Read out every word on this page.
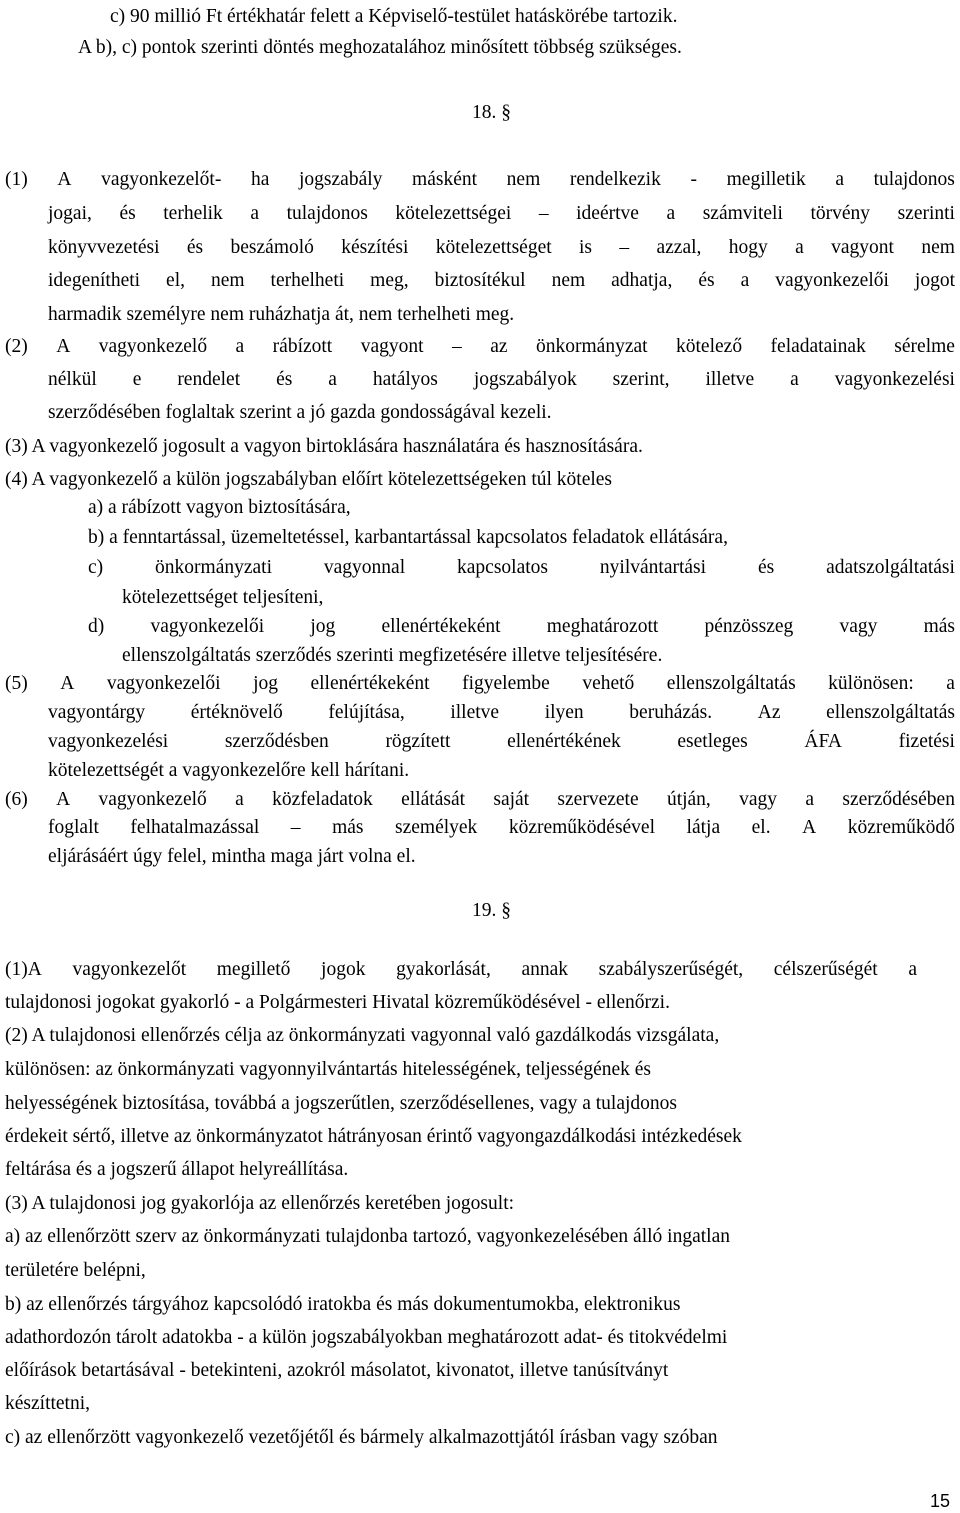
c) 90 millió Ft értékhatár felett a Képviselő-testület hatáskörébe tartozik.
A b), c) pontok szerinti döntés meghozatalához minősített többség szükséges.
18. §
(1) A vagyonkezelőt- ha jogszabály másként nem rendelkezik - megilletik a tulajdonos
jogai, és terhelik a tulajdonos kötelezettségei – ideértve a számviteli törvény szerinti
könyvvezetési és beszámoló készítési kötelezettséget is – azzal, hogy a vagyont nem
idegenítheti el, nem terhelheti meg, biztosítékul nem adhatja, és a vagyonkezelői jogot
harmadik személyre nem ruházhatja át, nem terhelheti meg.
(2) A vagyonkezelő a rábízott vagyont – az önkormányzat kötelező feladatainak sérelme
nélkül e rendelet és a hatályos jogszabályok szerint, illetve a vagyonkezelési
szerződésében foglaltak szerint a jó gazda gondosságával kezeli.
(3) A vagyonkezelő jogosult a vagyon birtoklására használatára és hasznosítására.
(4) A vagyonkezelő a külön jogszabályban előírt kötelezettségeken túl köteles
a) a rábízott vagyon biztosítására,
b) a fenntartással, üzemeltetéssel, karbantartással kapcsolatos feladatok ellátására,
c)	önkormányzati	vagyonnal	kapcsolatos	nyilvántartási	és	adatszolgáltatási
kötelezettséget teljesíteni,
d) vagyonkezelői jog ellenértékeként meghatározott pénzösszeg vagy más
ellenszolgáltatás szerződés szerinti megfizetésére illetve teljesítésére.
(5) A vagyonkezelői jog ellenértékeként figyelembe vehető ellenszolgáltatás különösen: a
vagyontárgy értéknövelő felújítása, illetve ilyen beruházás. Az ellenszolgáltatás
vagyonkezelési	szerződésben	rögzített	ellenértékének	esetleges	ÁFA	fizetési
kötelezettségét a vagyonkezelőre kell hárítani.
(6) A vagyonkezelő a közfeladatok ellátását saját szervezete útján, vagy a szerződésében
foglalt felhatalmazással – más személyek közreműködésével látja el. A közreműködő
eljárásáért úgy felel, mintha maga járt volna el.
19. §
(1)A vagyonkezelőt megillető jogok gyakorlását, annak szabályszerűségét, célszerűségét a
tulajdonosi jogokat gyakorló - a Polgármesteri Hivatal közreműködésével - ellenőrzi.
(2) A tulajdonosi ellenőrzés célja az önkormányzati vagyonnal való gazdálkodás vizsgálata,
különösen: az önkormányzati vagyonnyilvántartás hitelességének, teljességének és
helyességének biztosítása, továbbá a jogszerűtlen, szerződésellenes, vagy a tulajdonos
érdekeit sértő, illetve az önkormányzatot hátrányosan érintő vagyongazdálkodási intézkedések
feltárása és a jogszerű állapot helyreállítása.
(3) A tulajdonosi jog gyakorlója az ellenőrzés keretében jogosult:
a) az ellenőrzött szerv az önkormányzati tulajdonba tartozó, vagyonkezelésében álló ingatlan
területére belépni,
b) az ellenőrzés tárgyához kapcsolódó iratokba és más dokumentumokba, elektronikus
adathordozón tárolt adatokba - a külön jogszabályokban meghatározott adat- és titokvédelmi
előírások betartásával - betekinteni, azokról másolatot, kivonatot, illetve tanúsítványt
készíttetni,
c) az ellenőrzött vagyonkezelő vezetőjétől és bármely alkalmazottjától írásban vagy szóban
15
